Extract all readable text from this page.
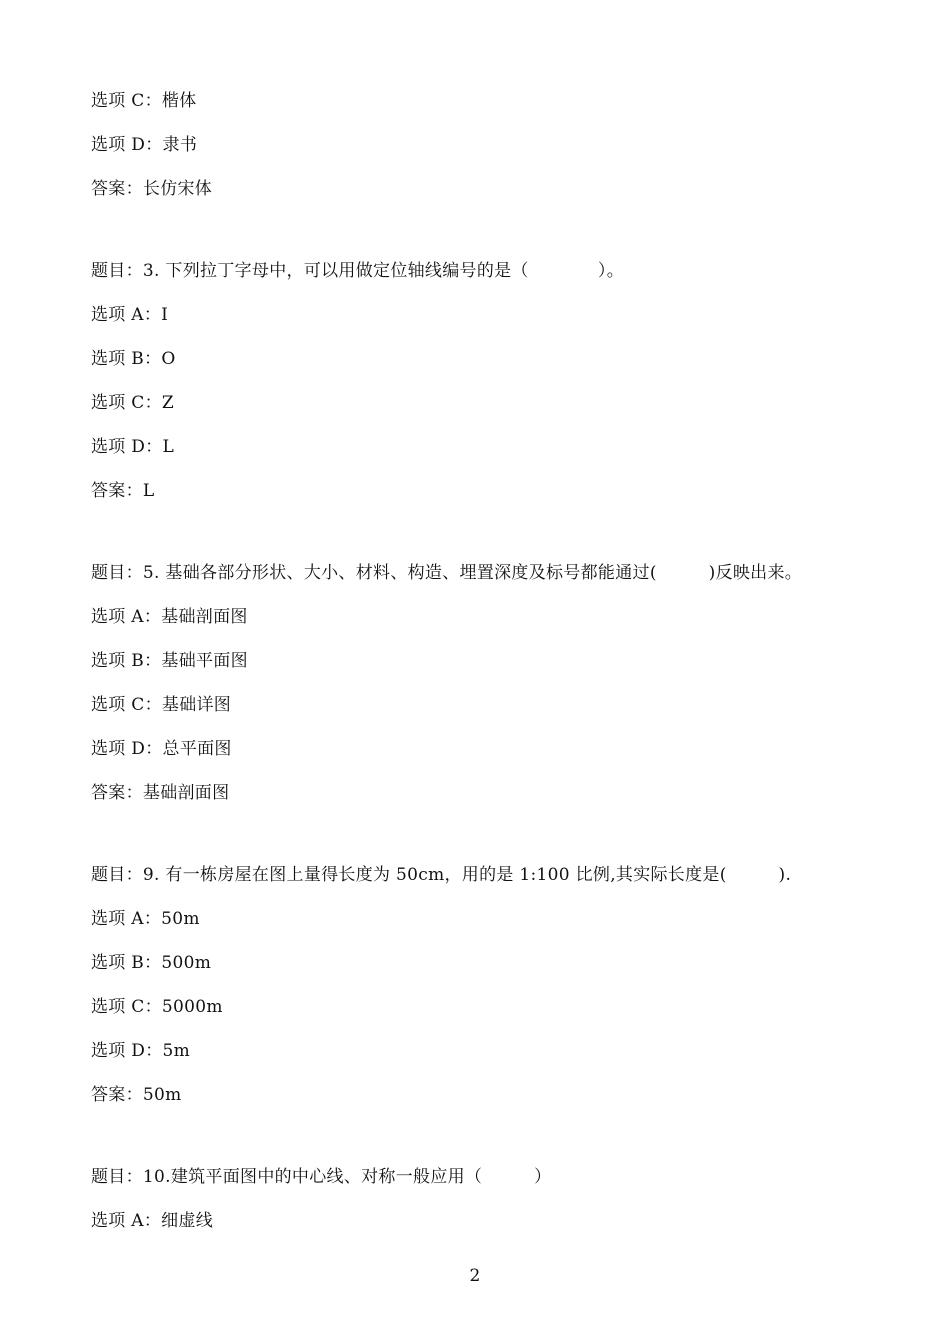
选项 C：楷体
选项 D：隶书
答案：长仿宋体
题目：3. 下列拉丁字母中，可以用做定位轴线编号的是（　　　　）。
选项 A：I
选项 B：O
选项 C：Z
选项 D：L
答案：L
题目：5. 基础各部分形状、大小、材料、构造、埋置深度及标号都能通过(　　　)反映出来。
选项 A：基础剖面图
选项 B：基础平面图
选项 C：基础详图
选项 D：总平面图
答案：基础剖面图
题目：9. 有一栋房屋在图上量得长度为 50cm，用的是 1:100 比例,其实际长度是(　　　).
选项 A：50m
选项 B：500m
选项 C：5000m
选项 D：5m
答案：50m
题目：10.建筑平面图中的中心线、对称一般应用（　　　）
选项 A：细虚线
2
